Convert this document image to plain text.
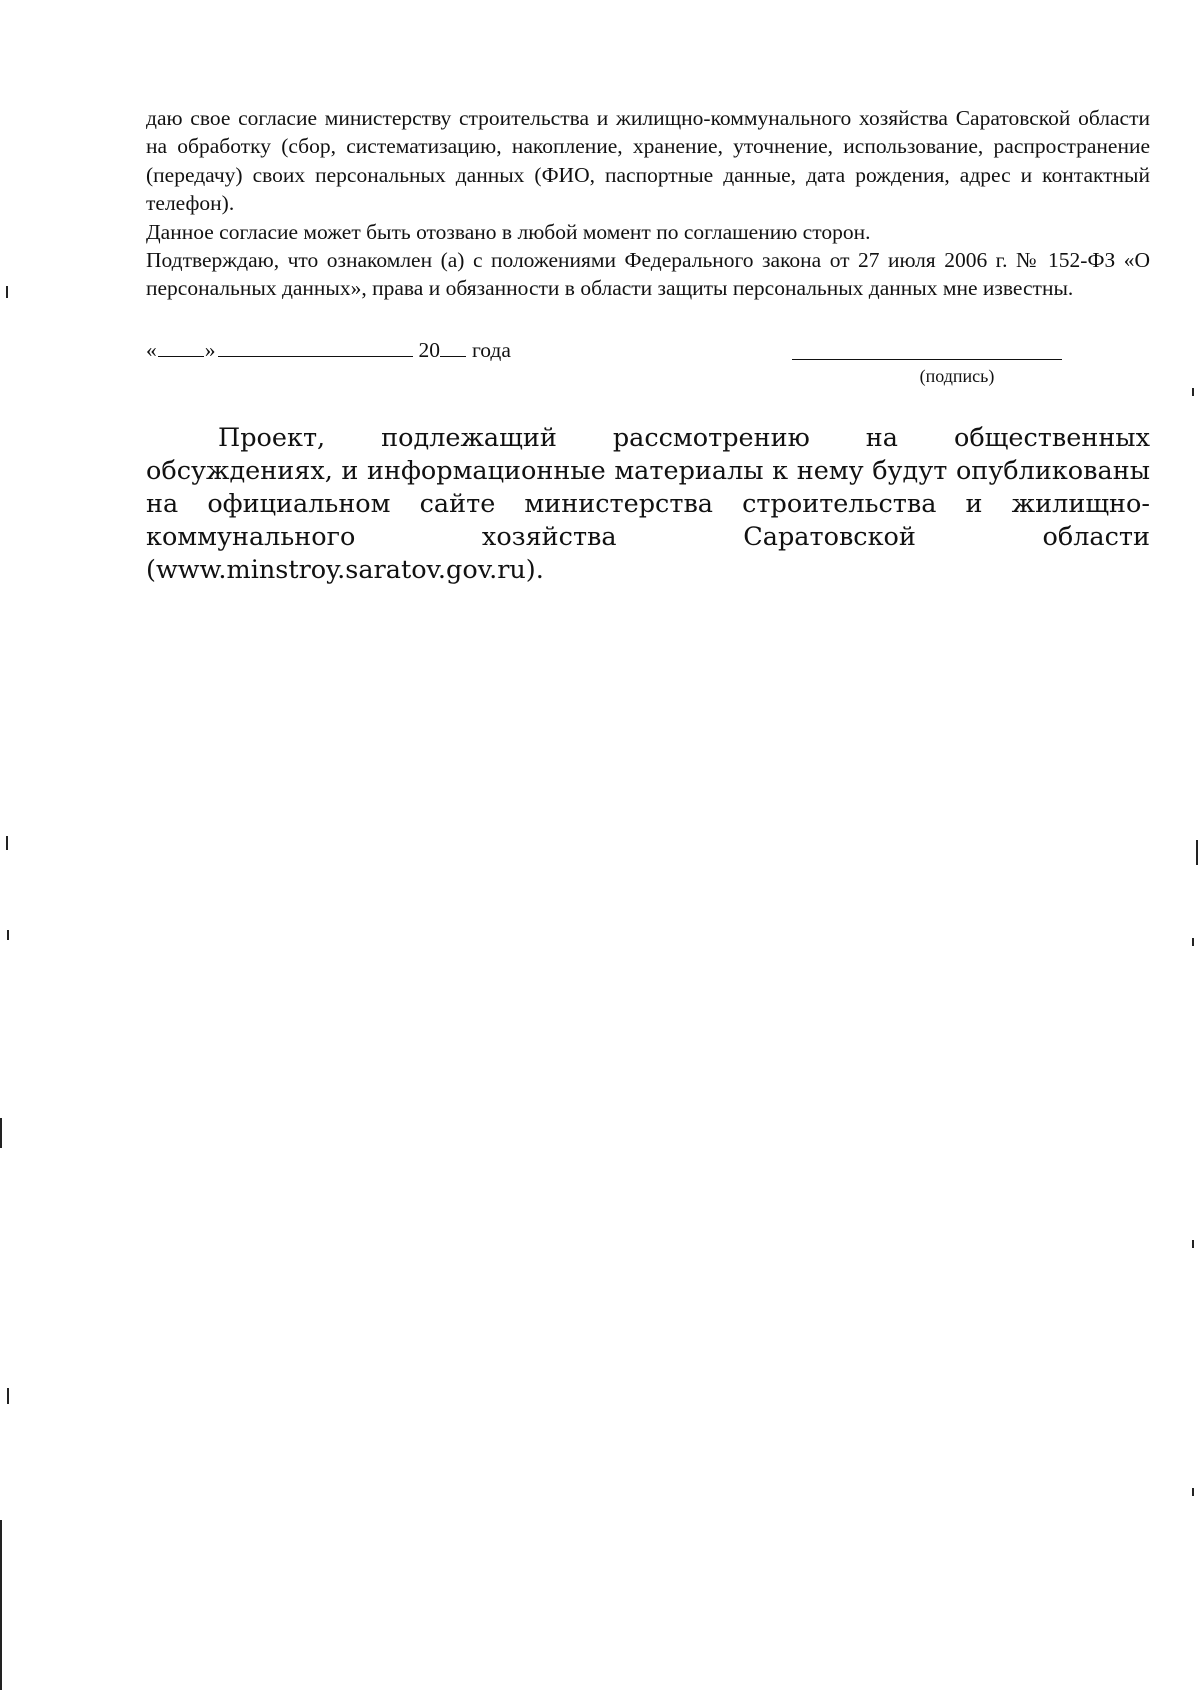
даю свое согласие министерству строительства и жилищно-коммунального хозяйства Саратовской области на обработку (сбор, систематизацию, накопление, хранение, уточнение, использование, распространение (передачу) своих персональных данных (ФИО, паспортные данные, дата рождения, адрес и контактный телефон).

Данное согласие может быть отозвано в любой момент по соглашению сторон.

Подтверждаю, что ознакомлен (а) с положениями Федерального закона от 27 июля 2006 г. № 152-ФЗ «О персональных данных», права и обязанности в области защиты персональных данных мне известны.

« »	20 года
(подпись)

Проект, подлежащий рассмотрению на общественных обсуждениях, и информационные материалы к нему будут опубликованы на официальном сайте министерства строительства и жилищно-коммунального хозяйства Саратовской области (www.minstroy.saratov.gov.ru).
